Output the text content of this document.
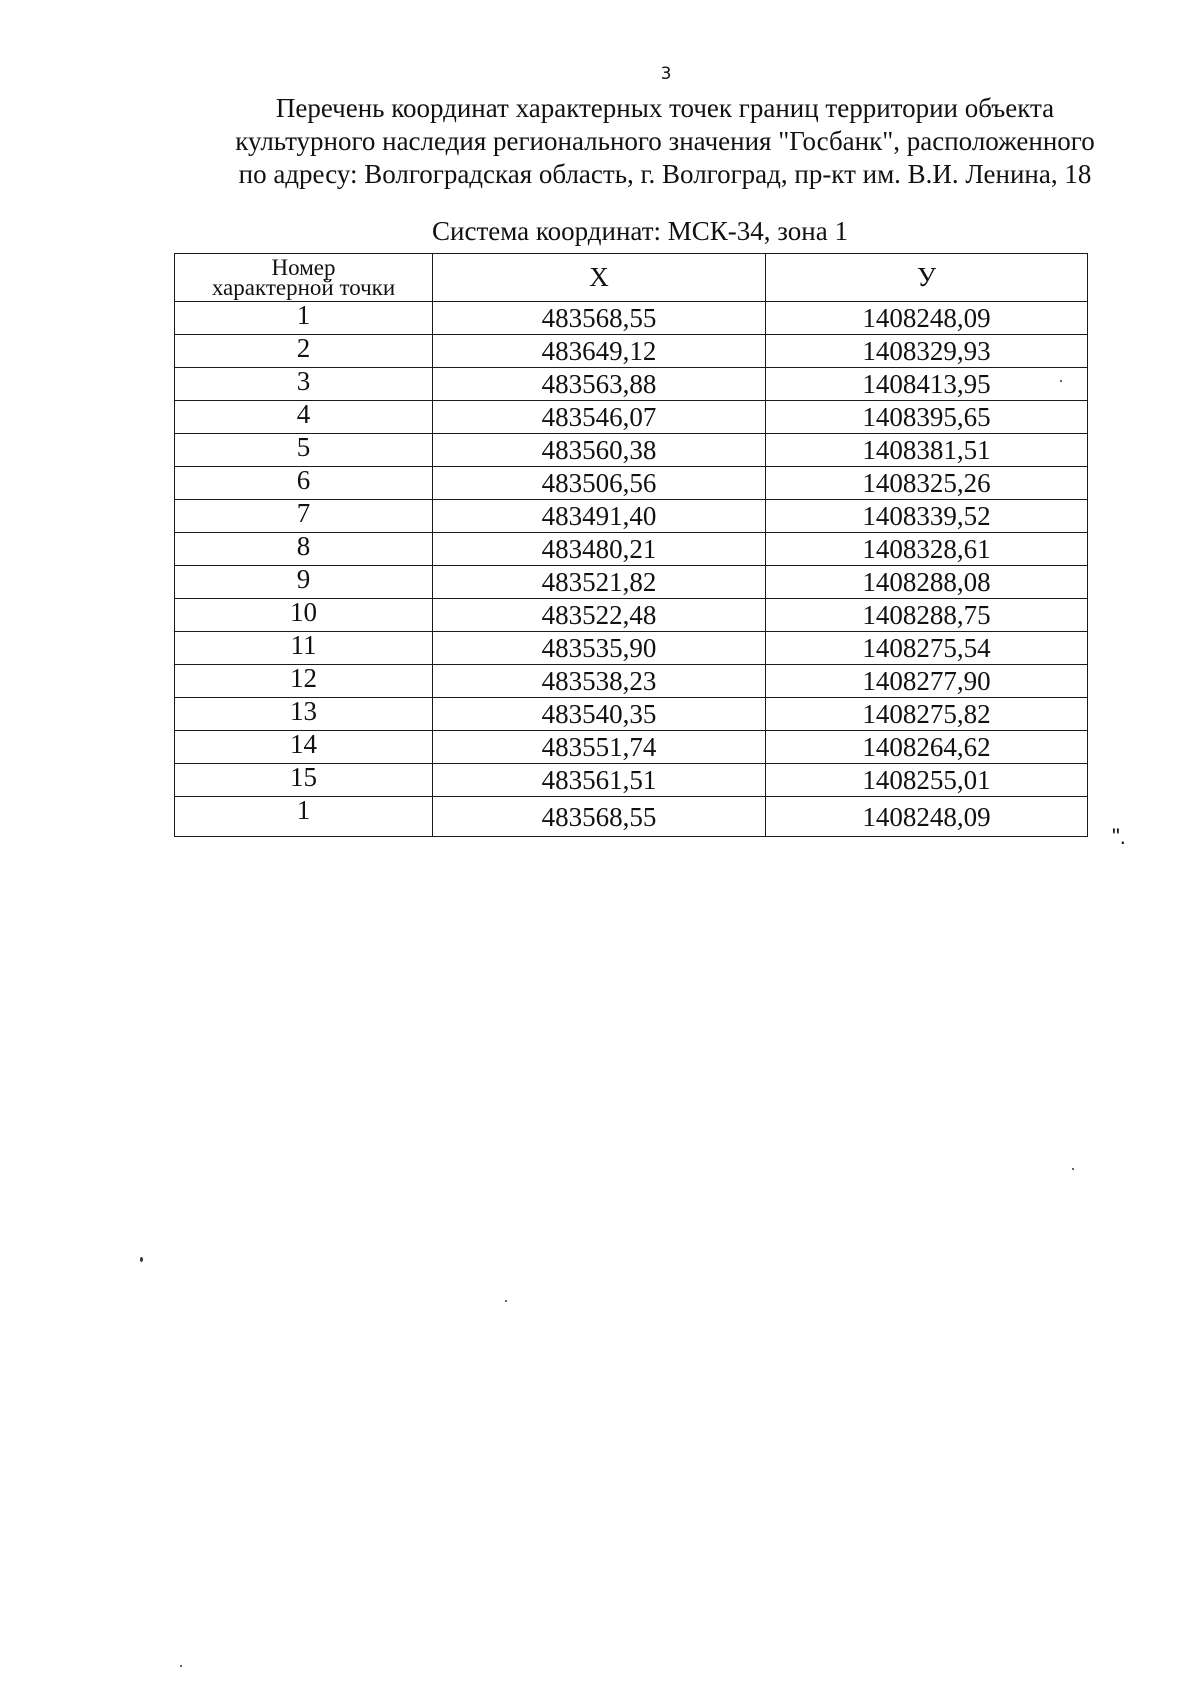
3
Перечень координат характерных точек границ территории объекта
культурного наследия регионального значения "Госбанк", расположенного
по адресу: Волгоградская область, г. Волгоград, пр-кт им. В.И. Ленина, 18
Система координат: МСК-34, зона 1
Номер
характерной точки	X	У
1	483568,55	1408248,09
2	483649,12	1408329,93
3	483563,88	1408413,95
4	483546,07	1408395,65
5	483560,38	1408381,51
6	483506,56	1408325,26
7	483491,40	1408339,52
8	483480,21	1408328,61
9	483521,82	1408288,08
10	483522,48	1408288,75
11	483535,90	1408275,54
12	483538,23	1408277,90
13	483540,35	1408275,82
14	483551,74	1408264,62
15	483561,51	1408255,01
1	483568,55	1408248,09
".
